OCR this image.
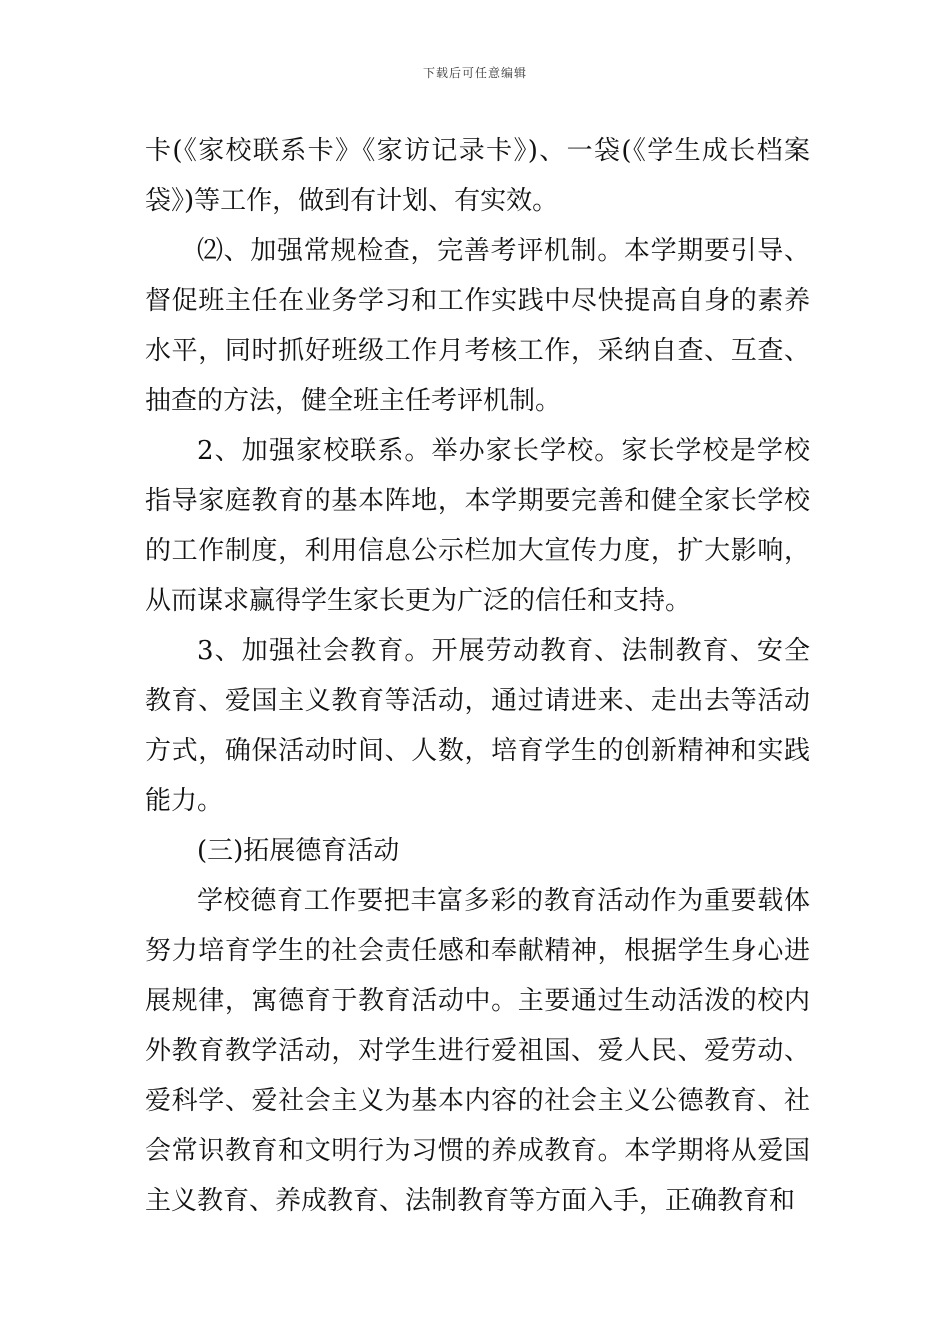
下载后可任意编辑

卡(《家校联系卡》《家访记录卡》)、一袋(《学生成长档案袋》)等工作，做到有计划、有实效。

⑵、加强常规检查，完善考评机制。本学期要引导、督促班主任在业务学习和工作实践中尽快提高自身的素养水平，同时抓好班级工作月考核工作，采纳自查、互查、抽查的方法，健全班主任考评机制。

2、加强家校联系。举办家长学校。家长学校是学校指导家庭教育的基本阵地，本学期要完善和健全家长学校的工作制度，利用信息公示栏加大宣传力度，扩大影响，从而谋求赢得学生家长更为广泛的信任和支持。

3、加强社会教育。开展劳动教育、法制教育、安全教育、爱国主义教育等活动，通过请进来、走出去等活动方式，确保活动时间、人数，培育学生的创新精神和实践能力。

(三)拓展德育活动

学校德育工作要把丰富多彩的教育活动作为重要载体努力培育学生的社会责任感和奉献精神，根据学生身心进展规律，寓德育于教育活动中。主要通过生动活泼的校内外教育教学活动，对学生进行爱祖国、爱人民、爱劳动、爱科学、爱社会主义为基本内容的社会主义公德教育、社会常识教育和文明行为习惯的养成教育。本学期将从爱国主义教育、养成教育、法制教育等方面入手，正确教育和
